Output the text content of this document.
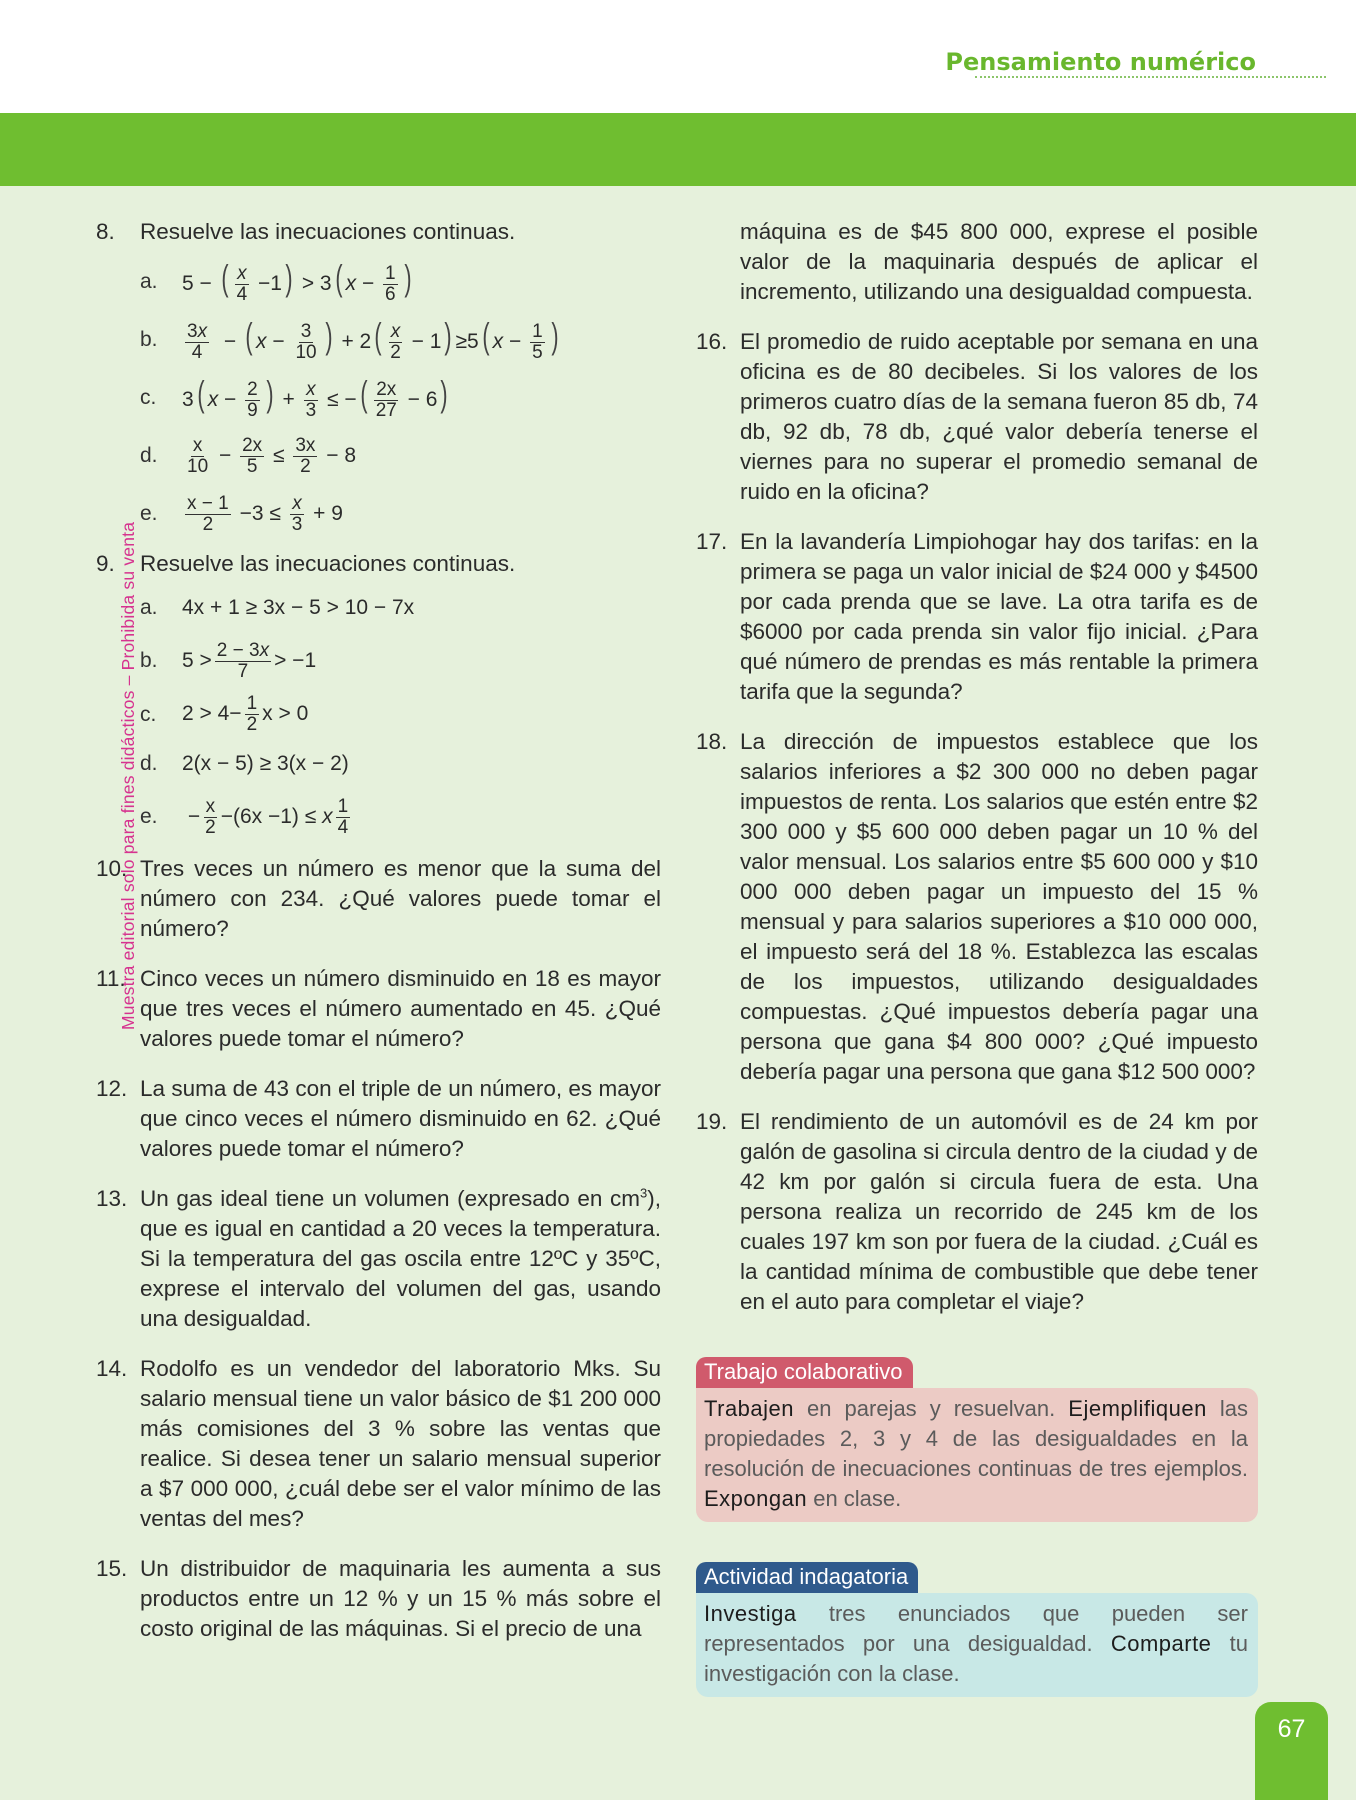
Pensamiento numérico
Muestra editorial solo para fines didácticos – Prohibida su venta
8. Resuelve las inecuaciones continuas.
a.	5 − ( $\frac{x}{4} -1) > 3$( $x - \frac{1}{6}$ )
b.	$\frac{3x}{4}$ − ( $x - \frac{3}{10}$ ) + $2( \frac{x}{2} - 1) \ge 5$( $x - \frac{1}{5}$ )
c.	3( $x - \frac{2}{9}$ ) + $\frac{x}{3}$ ≤ −( $\frac{2x}{27} - 6$)
d.	$\frac{x}{10} - \frac{2x}{5} \le \frac{3x}{2} - 8$
e.	$\frac{x - 1}{2} -3 \le \frac{x}{3} + 9$
9. Resuelve las inecuaciones continuas.
a.	4x + 1 ≥ 3x − 5 > 10 − 7x
b.	$5 > \frac{2 - 3x}{7} > -1$
c.	$2 > 4- \frac{1}{2}$ x > 0
d.	2(x − 5) ≥ 3(x − 2)
e.	− $\frac{x}{2} -(6x -1) \le x \frac{1}{4}$
10. Tres veces un número es menor que la suma del número con 234. ¿Qué valores puede tomar el número?
11. Cinco veces un número disminuido en 18 es mayor que tres veces el número aumentado en 45. ¿Qué valores puede tomar el número?
12. La suma de 43 con el triple de un número, es mayor que cinco veces el número disminuido en 62. ¿Qué valores puede tomar el número?
13. Un gas ideal tiene un volumen (expresado en $cm^3$), que es igual en cantidad a 20 veces la temperatura. Si la temperatura del gas oscila entre 12ºC y 35ºC, exprese el intervalo del volumen del gas, usando una desigualdad.
14. Rodolfo es un vendedor del laboratorio Mks. Su salario mensual tiene un valor básico de $1 200 000 más comisiones del 3 % sobre las ventas que realice. Si desea tener un salario mensual superior a $7 000 000, ¿cuál debe ser el valor mínimo de las ventas del mes?
15. Un distribuidor de maquinaria les aumenta a sus productos entre un 12 % y un 15 % más sobre el costo original de las máquinas. Si el precio de una
máquina es de $45 800 000, exprese el posible valor de la maquinaria después de aplicar el incremento, utilizando una desigualdad compuesta.
16. El promedio de ruido aceptable por semana en una oficina es de 80 decibeles. Si los valores de los primeros cuatro días de la semana fueron 85 db, 74 db, 92 db, 78 db, ¿qué valor debería tenerse el viernes para no superar el promedio semanal de ruido en la oficina?
17. En la lavandería Limpiohogar hay dos tarifas: en la primera se paga un valor inicial de $24 000 y $4500 por cada prenda que se lave. La otra tarifa es de $6000 por cada prenda sin valor fijo inicial. ¿Para qué número de prendas es más rentable la primera tarifa que la segunda?
18. La dirección de impuestos establece que los salarios inferiores a $2 300 000 no deben pagar impuestos de renta. Los salarios que estén entre $2 300 000 y $5 600 000 deben pagar un 10 % del valor mensual. Los salarios entre $5 600 000 y $10 000 000 deben pagar un impuesto del 15 % mensual y para salarios superiores a $10 000 000, el impuesto será del 18 %. Establezca las escalas de los impuestos, utilizando desigualdades compuestas. ¿Qué impuestos debería pagar una persona que gana $4 800 000? ¿Qué impuesto debería pagar una persona que gana $12 500 000?
19. El rendimiento de un automóvil es de 24 km por galón de gasolina si circula dentro de la ciudad y de 42 km por galón si circula fuera de esta. Una persona realiza un recorrido de 245 km de los cuales 197 km son por fuera de la ciudad. ¿Cuál es la cantidad mínima de combustible que debe tener en el auto para completar el viaje?
Trabajo colaborativo
Trabajen en parejas y resuelvan. Ejemplifiquen las propiedades 2, 3 y 4 de las desigualdades en la resolución de inecuaciones continuas de tres ejemplos. Expongan en clase.
Actividad indagatoria
Investiga tres enunciados que pueden ser representados por una desigualdad. Comparte tu investigación con la clase.
67
